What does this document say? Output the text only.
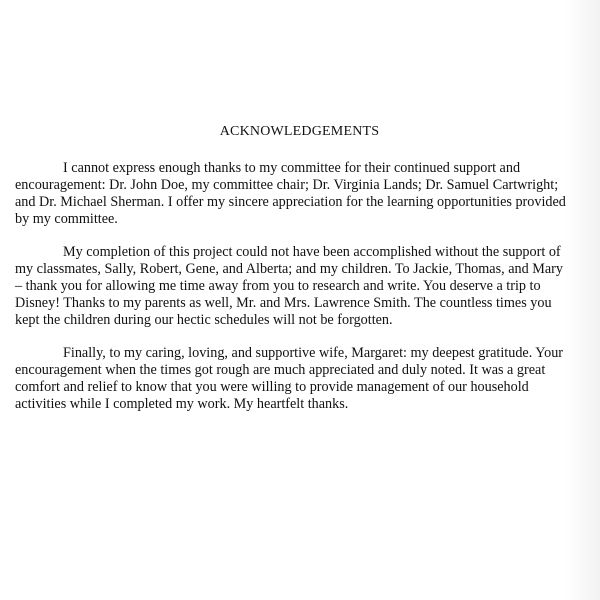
ACKNOWLEDGEMENTS
I cannot express enough thanks to my committee for their continued support and
encouragement: Dr. John Doe, my committee chair; Dr. Virginia Lands; Dr. Samuel Cartwright;
and Dr. Michael Sherman. I offer my sincere appreciation for the learning opportunities provided
by my committee.
My completion of this project could not have been accomplished without the support of
my classmates, Sally, Robert, Gene, and Alberta; and my children. To Jackie, Thomas, and Mary
– thank you for allowing me time away from you to research and write. You deserve a trip to
Disney! Thanks to my parents as well, Mr. and Mrs. Lawrence Smith. The countless times you
kept the children during our hectic schedules will not be forgotten.
Finally, to my caring, loving, and supportive wife, Margaret: my deepest gratitude. Your
encouragement when the times got rough are much appreciated and duly noted. It was a great
comfort and relief to know that you were willing to provide management of our household
activities while I completed my work. My heartfelt thanks.
